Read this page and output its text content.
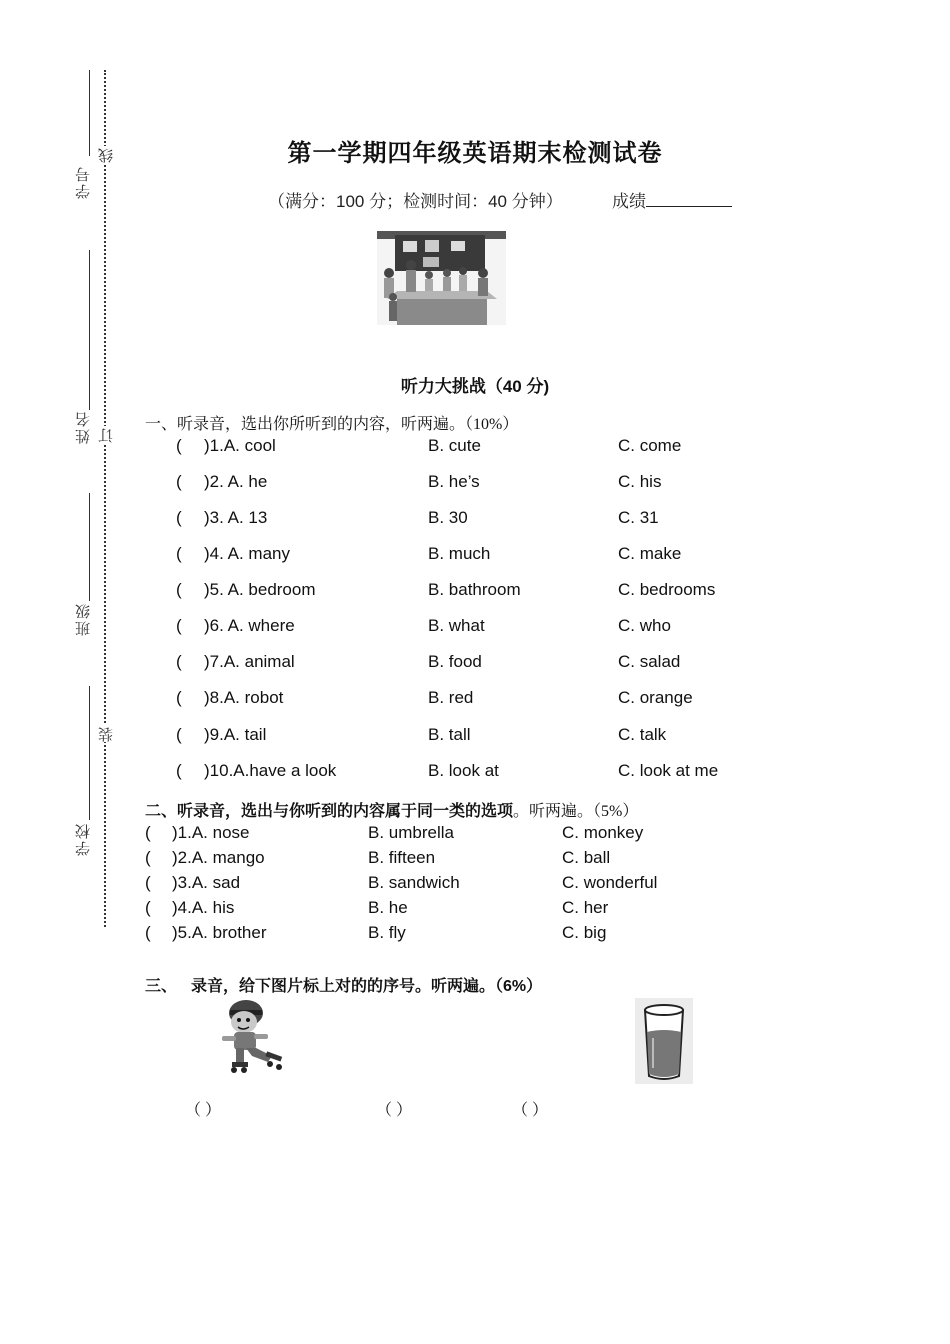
学号
姓名
班级
学校
线
订
装
第一学期四年级英语期末检测试卷
（满分：100 分；检测时间：40 分钟）	成绩
听力大挑战（40 分)
一、听录音，选出你所听到的内容，听两遍。（10%）
( )1.A. cool	B. cute	C. come
( )2. A. he	B. he’s	C. his
( )3. A. 13	B. 30	C. 31
( )4. A. many	B. much	C. make
( )5. A. bedroom	B. bathroom	C. bedrooms
( )6. A. where	B. what	C. who
( )7.A. animal	B. food	C. salad
( )8.A. robot	B. red	C. orange
( )9.A. tail	B. tall	C. talk
( )10.A.have a look	B. look at	C. look at me
二、听录音，选出与你听到的内容属于同一类的选项。听两遍。（5%）
( )1.A. nose	B. umbrella	C. monkey
( )2.A. mango	B. fifteen	C. ball
( )3.A. sad	B. sandwich	C. wonderful
( )4.A. his	B. he	C. her
( )5.A. brother	B. fly	C. big
三、 录音，给下图片标上对的的序号。听两遍。（6%）
（ ）	（ ）	（ ）
